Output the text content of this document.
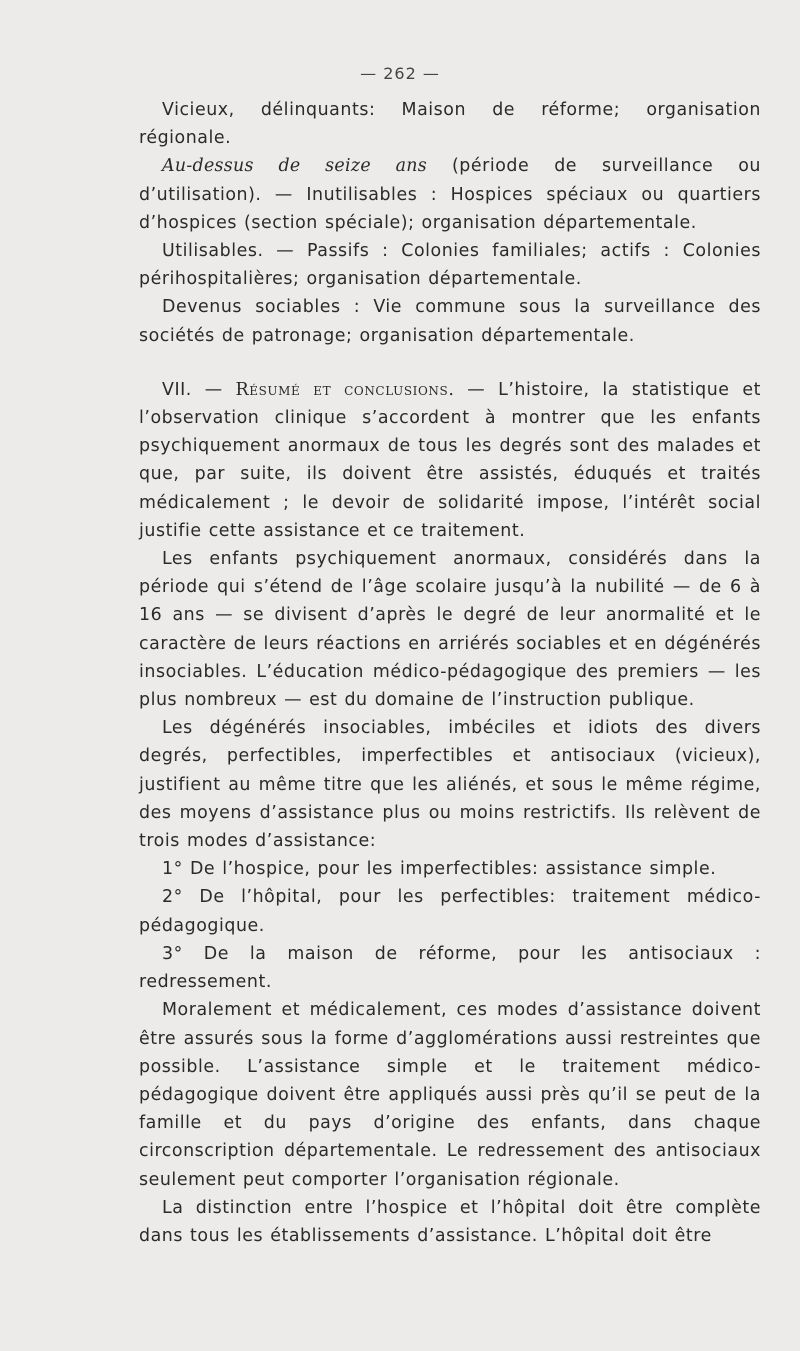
— 262 —

Vicieux, délinquants: Maison de réforme; organisation régionale.

Au-dessus de seize ans (période de surveillance ou d’utilisation). — Inutilisables : Hospices spéciaux ou quartiers d’hospices (section spéciale); organisation départementale.

Utilisables. — Passifs : Colonies familiales; actifs : Colonies périhospitalières; organisation départementale.

Devenus sociables : Vie commune sous la surveillance des sociétés de patronage; organisation départementale.

VII. — Résumé et conclusions. — L’histoire, la statistique et l’observation clinique s’accordent à montrer que les enfants psychiquement anormaux de tous les degrés sont des malades et que, par suite, ils doivent être assistés, éduqués et traités médicalement ; le devoir de solidarité impose, l’intérêt social justifie cette assistance et ce traitement.

Les enfants psychiquement anormaux, considérés dans la période qui s’étend de l’âge scolaire jusqu’à la nubilité — de 6 à 16 ans — se divisent d’après le degré de leur anormalité et le caractère de leurs réactions en arriérés sociables et en dégénérés insociables. L’éducation médico-pédagogique des premiers — les plus nombreux — est du domaine de l’instruction publique.

Les dégénérés insociables, imbéciles et idiots des divers degrés, perfectibles, imperfectibles et antisociaux (vicieux), justifient au même titre que les aliénés, et sous le même régime, des moyens d’assistance plus ou moins restrictifs. Ils relèvent de trois modes d’assistance:

1° De l’hospice, pour les imperfectibles: assistance simple.

2° De l’hôpital, pour les perfectibles: traitement médico-pédagogique.

3° De la maison de réforme, pour les antisociaux : redressement.

Moralement et médicalement, ces modes d’assistance doivent être assurés sous la forme d’agglomérations aussi restreintes que possible. L’assistance simple et le traitement médico-pédagogique doivent être appliqués aussi près qu’il se peut de la famille et du pays d’origine des enfants, dans chaque circonscription départementale. Le redressement des antisociaux seulement peut comporter l’organisation régionale.

La distinction entre l’hospice et l’hôpital doit être complète dans tous les établissements d’assistance. L’hôpital doit être
